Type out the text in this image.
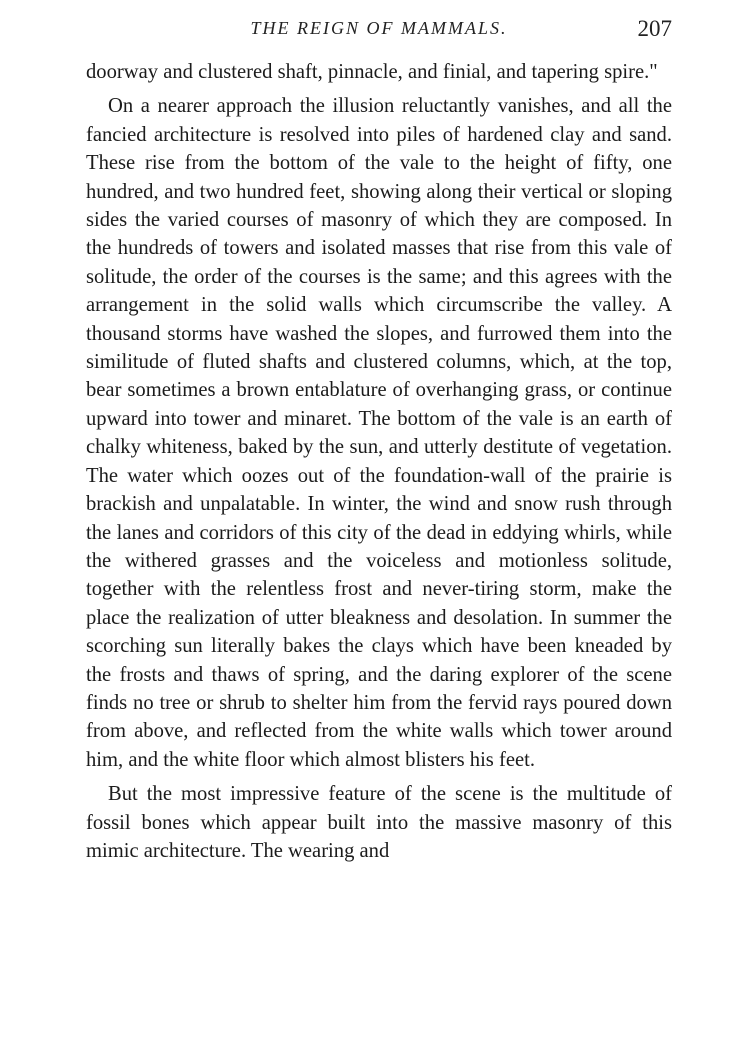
THE REIGN OF MAMMALS.	207

doorway and clustered shaft, pinnacle, and finial, and tapering spire."

On a nearer approach the illusion reluctantly vanishes, and all the fancied architecture is resolved into piles of hardened clay and sand. These rise from the bottom of the vale to the height of fifty, one hundred, and two hundred feet, showing along their vertical or sloping sides the varied courses of masonry of which they are composed. In the hundreds of towers and isolated masses that rise from this vale of solitude, the order of the courses is the same; and this agrees with the arrangement in the solid walls which circumscribe the valley. A thousand storms have washed the slopes, and furrowed them into the similitude of fluted shafts and clustered columns, which, at the top, bear sometimes a brown entablature of overhanging grass, or continue upward into tower and minaret. The bottom of the vale is an earth of chalky whiteness, baked by the sun, and utterly destitute of vegetation. The water which oozes out of the foundation-wall of the prairie is brackish and unpalatable. In winter, the wind and snow rush through the lanes and corridors of this city of the dead in eddying whirls, while the withered grasses and the voiceless and motionless solitude, together with the relentless frost and never-tiring storm, make the place the realization of utter bleakness and desolation. In summer the scorching sun literally bakes the clays which have been kneaded by the frosts and thaws of spring, and the daring explorer of the scene finds no tree or shrub to shelter him from the fervid rays poured down from above, and reflected from the white walls which tower around him, and the white floor which almost blisters his feet.

But the most impressive feature of the scene is the multitude of fossil bones which appear built into the massive masonry of this mimic architecture. The wearing and
